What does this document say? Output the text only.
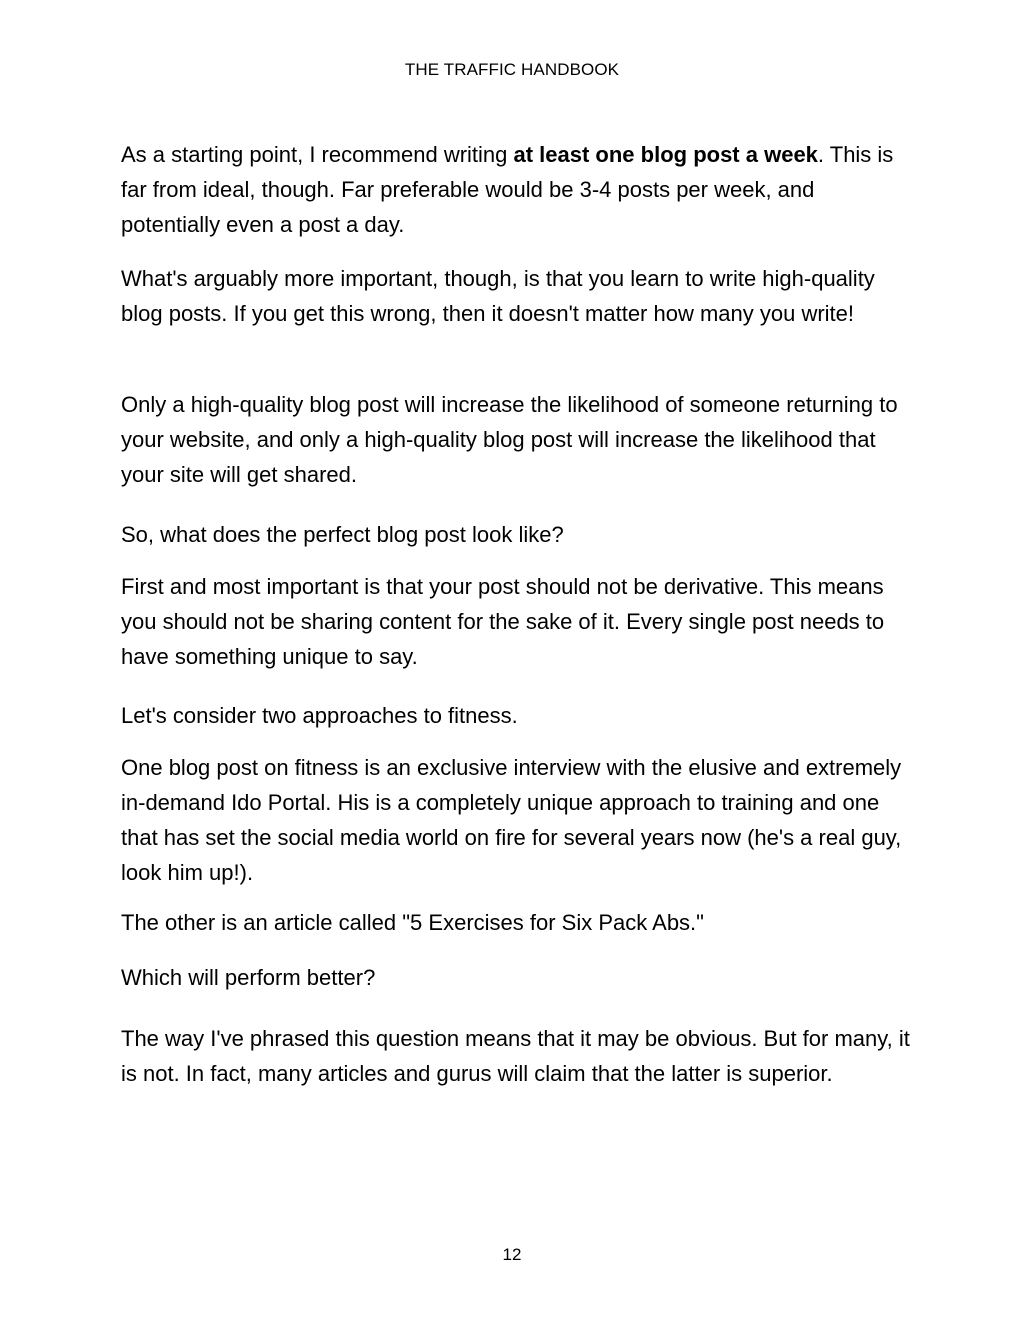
THE TRAFFIC HANDBOOK

As a starting point, I recommend writing at least one blog post a week. This is far from ideal, though. Far preferable would be 3-4 posts per week, and potentially even a post a day.

What's arguably more important, though, is that you learn to write high-quality blog posts. If you get this wrong, then it doesn't matter how many you write!

Only a high-quality blog post will increase the likelihood of someone returning to your website, and only a high-quality blog post will increase the likelihood that your site will get shared.

So, what does the perfect blog post look like?

First and most important is that your post should not be derivative. This means you should not be sharing content for the sake of it. Every single post needs to have something unique to say.

Let's consider two approaches to fitness.

One blog post on fitness is an exclusive interview with the elusive and extremely in-demand Ido Portal. His is a completely unique approach to training and one that has set the social media world on fire for several years now (he's a real guy, look him up!).

The other is an article called "5 Exercises for Six Pack Abs."

Which will perform better?

The way I've phrased this question means that it may be obvious. But for many, it is not. In fact, many articles and gurus will claim that the latter is superior.

12
